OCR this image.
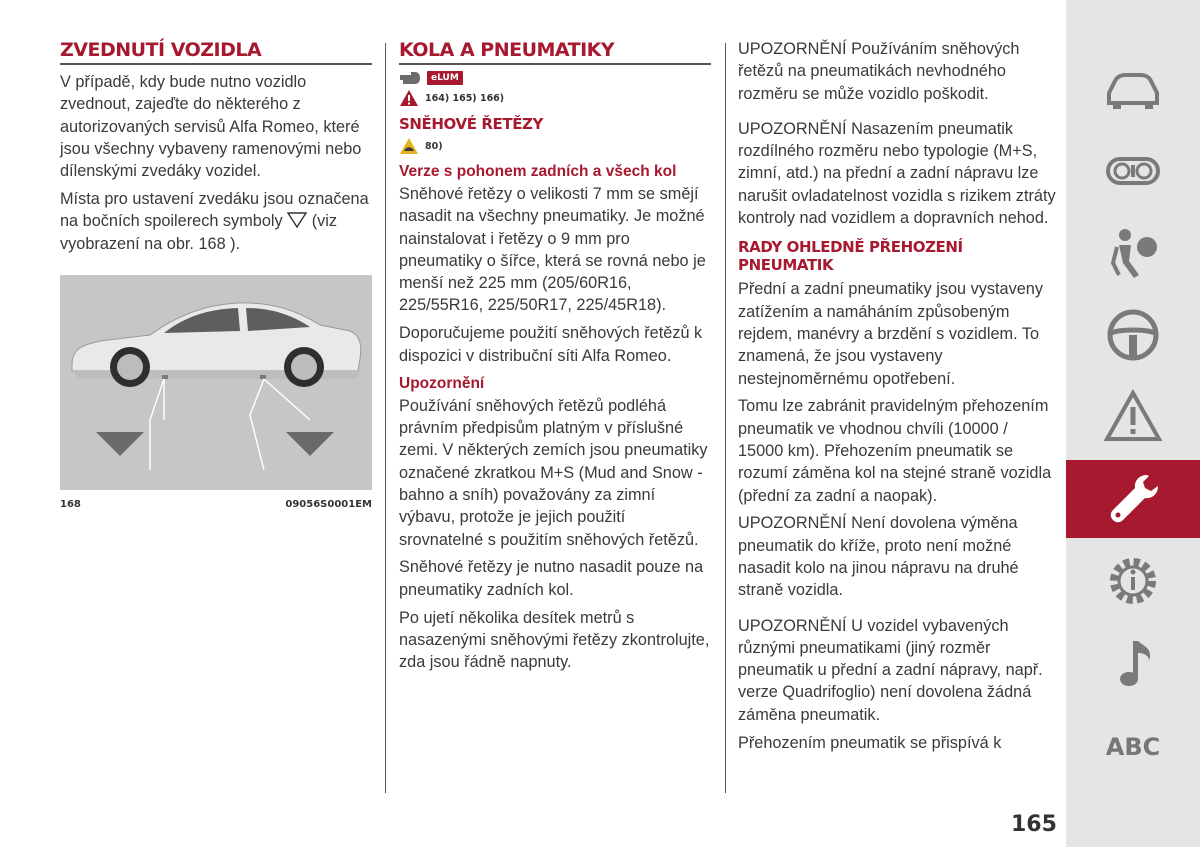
ZVEDNUTÍ VOZIDLA

V případě, kdy bude nutno vozidlo zvednout, zajeďte do některého z autorizovaných servisů Alfa Romeo, které jsou všechny vybaveny ramenovými nebo dílenskými zvedáky vozidel.

Místa pro ustavení zvedáku jsou označena na bočních spoilerech symboly (viz vyobrazení na obr. 168 ).

168	09056S0001EM
KOLA A PNEUMATIKY
eLUM
164) 165) 166)
SNĚHOVÉ ŘETĚZY
80)
Verze s pohonem zadních a všech kol

Sněhové řetězy o velikosti 7 mm se smějí nasadit na všechny pneumatiky. Je možné nainstalovat i řetězy o 9 mm pro pneumatiky o šířce, která se rovná nebo je menší než 225 mm (205/60R16, 225/55R16, 225/50R17, 225/45R18).

Doporučujeme použití sněhových řetězů k dispozici v distribuční síti Alfa Romeo.

Upozornění

Používání sněhových řetězů podléhá právním předpisům platným v příslušné zemi. V některých zemích jsou pneumatiky označené zkratkou M+S (Mud and Snow - bahno a sníh) považovány za zimní výbavu, protože je jejich použití srovnatelné s použitím sněhových řetězů.

Sněhové řetězy je nutno nasadit pouze na pneumatiky zadních kol.

Po ujetí několika desítek metrů s nasazenými sněhovými řetězy zkontrolujte, zda jsou řádně napnuty.

UPOZORNĚNÍ Používáním sněhových řetězů na pneumatikách nevhodného rozměru se může vozidlo poškodit.

UPOZORNĚNÍ Nasazením pneumatik rozdílného rozměru nebo typologie (M+S, zimní, atd.) na přední a zadní nápravu lze narušit ovladatelnost vozidla s rizikem ztráty kontroly nad vozidlem a dopravních nehod.

RADY OHLEDNĚ PŘEHOZENÍ PNEUMATIK

Přední a zadní pneumatiky jsou vystaveny zatížením a namáháním způsobeným rejdem, manévry a brzdění s vozidlem. To znamená, že jsou vystaveny nestejnoměrnému opotřebení.

Tomu lze zabránit pravidelným přehozením pneumatik ve vhodnou chvíli (10000 / 15000 km). Přehozením pneumatik se rozumí záměna kol na stejné straně vozidla (přední za zadní a naopak).

UPOZORNĚNÍ Není dovolena výměna pneumatik do kříže, proto není možné nasadit kolo na jinou nápravu na druhé straně vozidla.

UPOZORNĚNÍ U vozidel vybavených různými pneumatikami (jiný rozměr pneumatik u přední a zadní nápravy, např. verze Quadrifoglio) není dovolena žádná záměna pneumatik.

Přehozením pneumatik se přispívá k

165
ABC
